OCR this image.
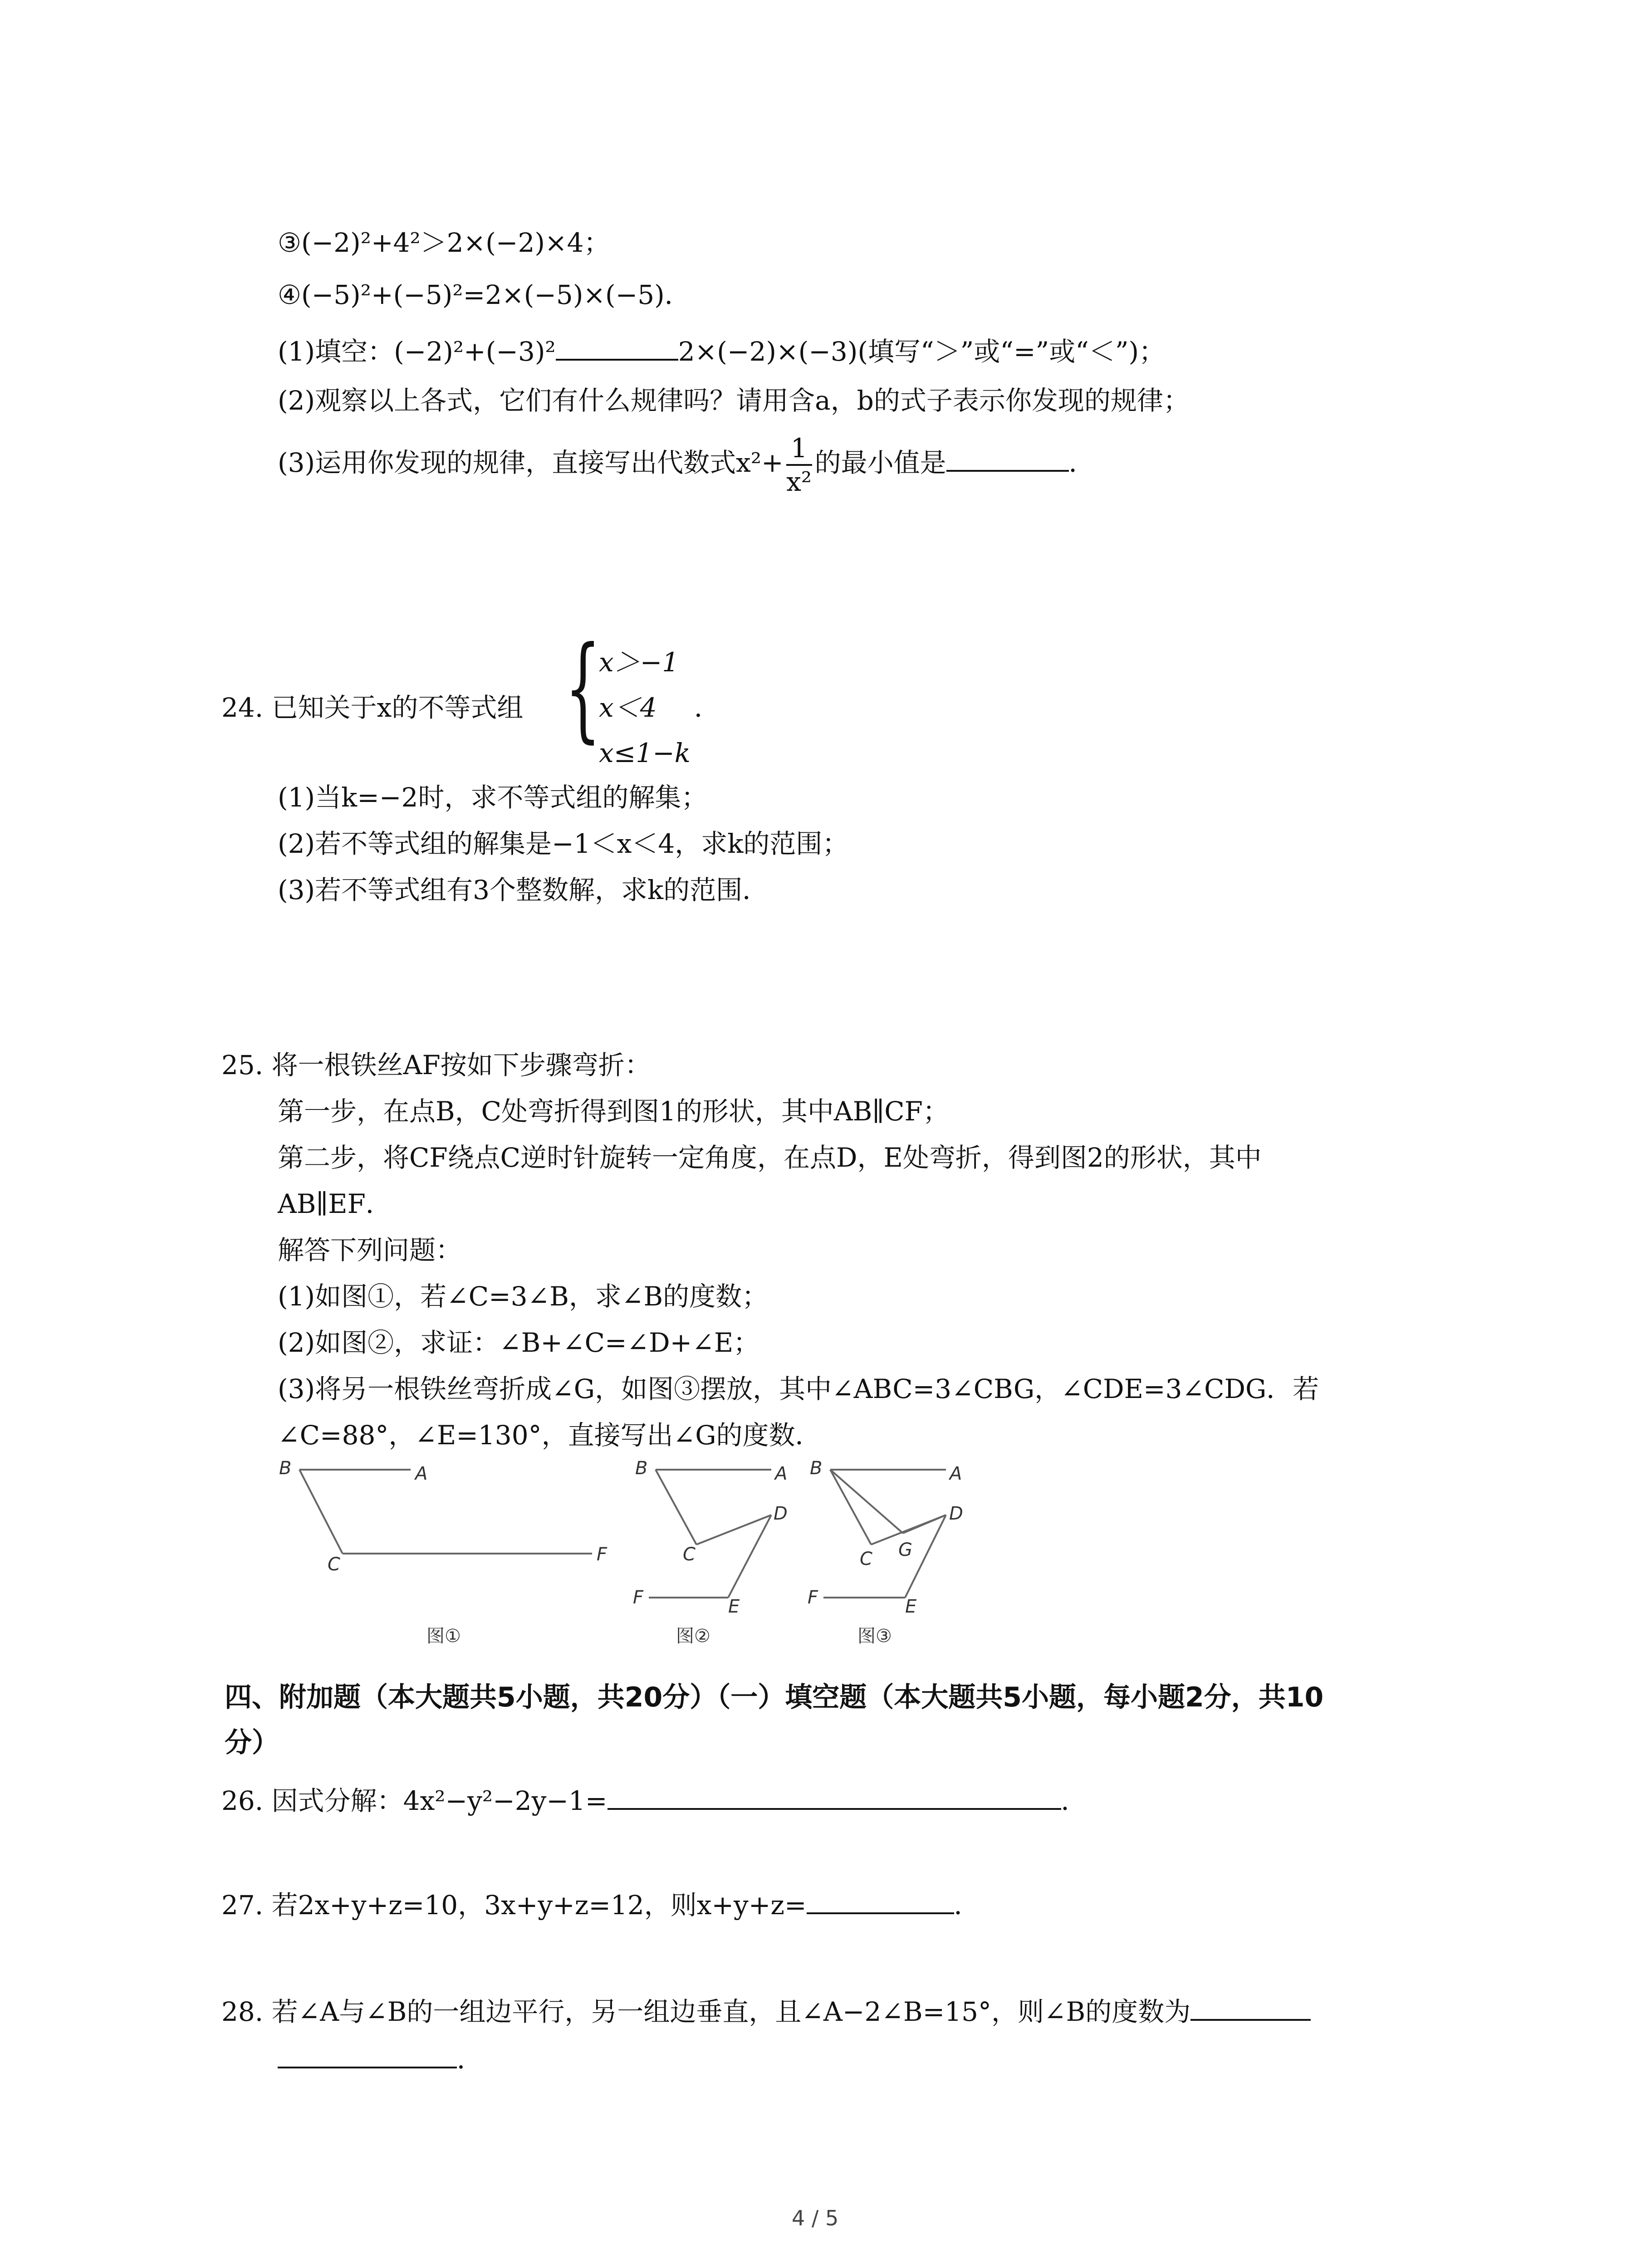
③(−2)²+4²＞2×(−2)×4；
④(−5)²+(−5)²=2×(−5)×(−5)．
(1)填空：(−2)²+(−3)²	2×(−2)×(−3)(填写“＞”或“=”或“＜”)；
(2)观察以上各式，它们有什么规律吗？请用含a，b的式子表示你发现的规律；
(3)运用你发现的规律，直接写出代数式$x^2+ \frac{1}{\text{x²}}$ 的最小值是	．
24. 已知关于x的不等式组 {
x＞−1
x＜4
x≤1−k
．
(1)当k=−2时，求不等式组的解集；
(2)若不等式组的解集是−1＜x＜4，求k的范围；
(3)若不等式组有3个整数解，求k的范围．
25. 将一根铁丝AF按如下步骤弯折：
第一步，在点B，C处弯折得到图1的形状，其中AB∥CF；
第二步，将CF绕点C逆时针旋转一定角度，在点D，E处弯折，得到图2的形状，其中
AB∥EF．
解答下列问题：
(1)如图①，若∠C=3∠B，求∠B的度数；
(2)如图②，求证：∠B+∠C=∠D+∠E；
(3)将另一根铁丝弯折成∠G，如图③摆放，其中∠ABC=3∠CBG，∠CDE=3∠CDG．若
∠C=88°，∠E=130°，直接写出∠G的度数．
B	A
C	F
图①
B	A
C
D
F	E
图②
B	A
C G
D
F	E
图③
四、附加题（本大题共5小题，共20分）（一）填空题（本大题共5小题，每小题2分，共10
分）
26. 因式分解：4x²−y²−2y−1=	．
27. 若2x+y+z=10，3x+y+z=12，则x+y+z=	．
28. 若∠A与∠B的一组边平行，另一组边垂直，且∠A−2∠B=15°，则∠B的度数为
．
4 / 5
